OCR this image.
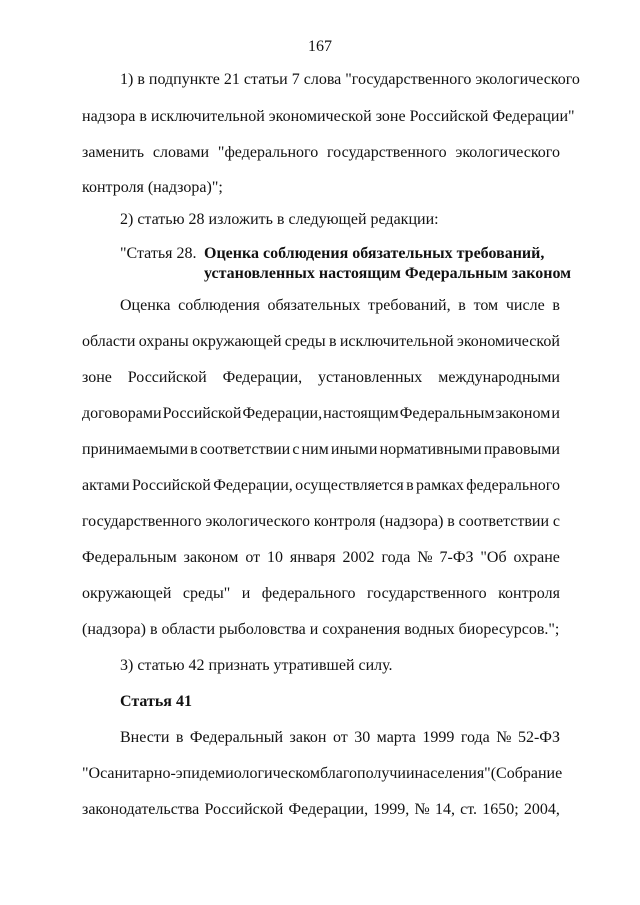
167
1) в подпункте 21 статьи 7 слова "государственного экологического
надзора в исключительной экономической зоне Российской Федерации"
заменить словами "федерального государственного экологического
контроля (надзора)";
2) статью 28 изложить в следующей редакции:
"Статья 28. Оценка соблюдения обязательных требований,
установленных настоящим Федеральным законом
Оценка соблюдения обязательных требований, в том числе в
области охраны окружающей среды в исключительной экономической
зоне Российской Федерации, установленных международными
договорами Российской Федерации, настоящим Федеральным законом и
принимаемыми в соответствии с ним иными нормативными правовыми
актами Российской Федерации, осуществляется в рамках федерального
государственного экологического контроля (надзора) в соответствии с
Федеральным законом от 10 января 2002 года № 7-ФЗ "Об охране
окружающей среды" и федерального государственного контроля
(надзора) в области рыболовства и сохранения водных биоресурсов.";
3) статью 42 признать утратившей силу.
Статья 41
Внести в Федеральный закон от 30 марта 1999 года № 52-ФЗ
"О санитарно-эпидемиологическом благополучии населения" (Собрание
законодательства Российской Федерации, 1999, № 14, ст. 1650; 2004,
